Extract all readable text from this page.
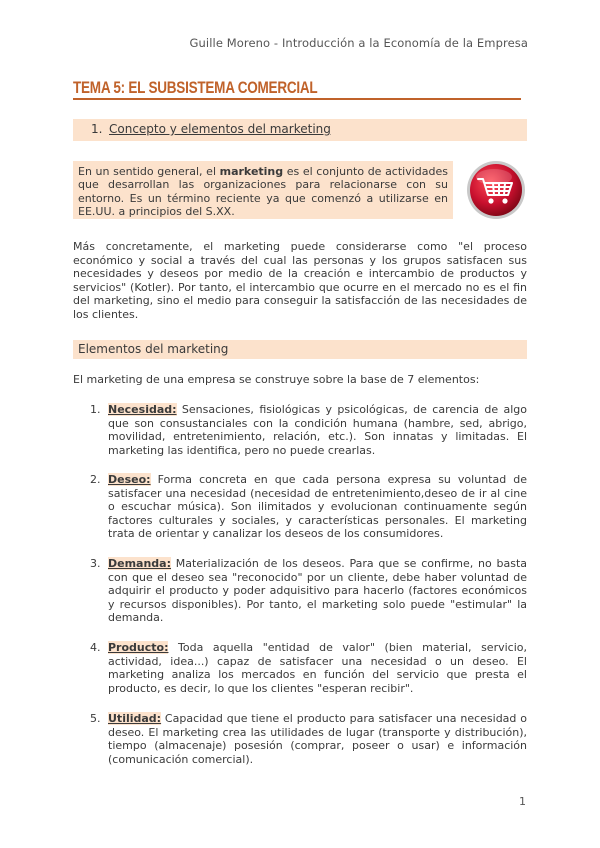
Guille Moreno - Introducción a la Economía de la Empresa
TEMA 5: EL SUBSISTEMA COMERCIAL
1. Concepto y elementos del marketing

En un sentido general, el marketing es el conjunto de actividades que desarrollan las organizaciones para relacionarse con su entorno. Es un término reciente ya que comenzó a utilizarse en EE.UU. a principios del S.XX.

Más concretamente, el marketing puede considerarse como "el proceso económico y social a través del cual las personas y los grupos satisfacen sus necesidades y deseos por medio de la creación e intercambio de productos y servicios" (Kotler). Por tanto, el intercambio que ocurre en el mercado no es el fin del marketing, sino el medio para conseguir la satisfacción de las necesidades de los clientes.

Elementos del marketing

El marketing de una empresa se construye sobre la base de 7 elementos:

1. Necesidad: Sensaciones, fisiológicas y psicológicas, de carencia de algo que son consustanciales con la condición humana (hambre, sed, abrigo, movilidad, entretenimiento, relación, etc.). Son innatas y limitadas. El marketing las identifica, pero no puede crearlas.

2. Deseo: Forma concreta en que cada persona expresa su voluntad de satisfacer una necesidad (necesidad de entretenimiento,deseo de ir al cine o escuchar música). Son ilimitados y evolucionan continuamente según factores culturales y sociales, y características personales. El marketing trata de orientar y canalizar los deseos de los consumidores.

3. Demanda: Materialización de los deseos. Para que se confirme, no basta con que el deseo sea "reconocido" por un cliente, debe haber voluntad de adquirir el producto y poder adquisitivo para hacerlo (factores económicos y recursos disponibles). Por tanto, el marketing solo puede "estimular" la demanda.

4. Producto: Toda aquella "entidad de valor" (bien material, servicio, actividad, idea...) capaz de satisfacer una necesidad o un deseo. El marketing analiza los mercados en función del servicio que presta el producto, es decir, lo que los clientes "esperan recibir".

5. Utilidad: Capacidad que tiene el producto para satisfacer una necesidad o deseo. El marketing crea las utilidades de lugar (transporte y distribución), tiempo (almacenaje) posesión (comprar, poseer o usar) e información (comunicación comercial).

1
